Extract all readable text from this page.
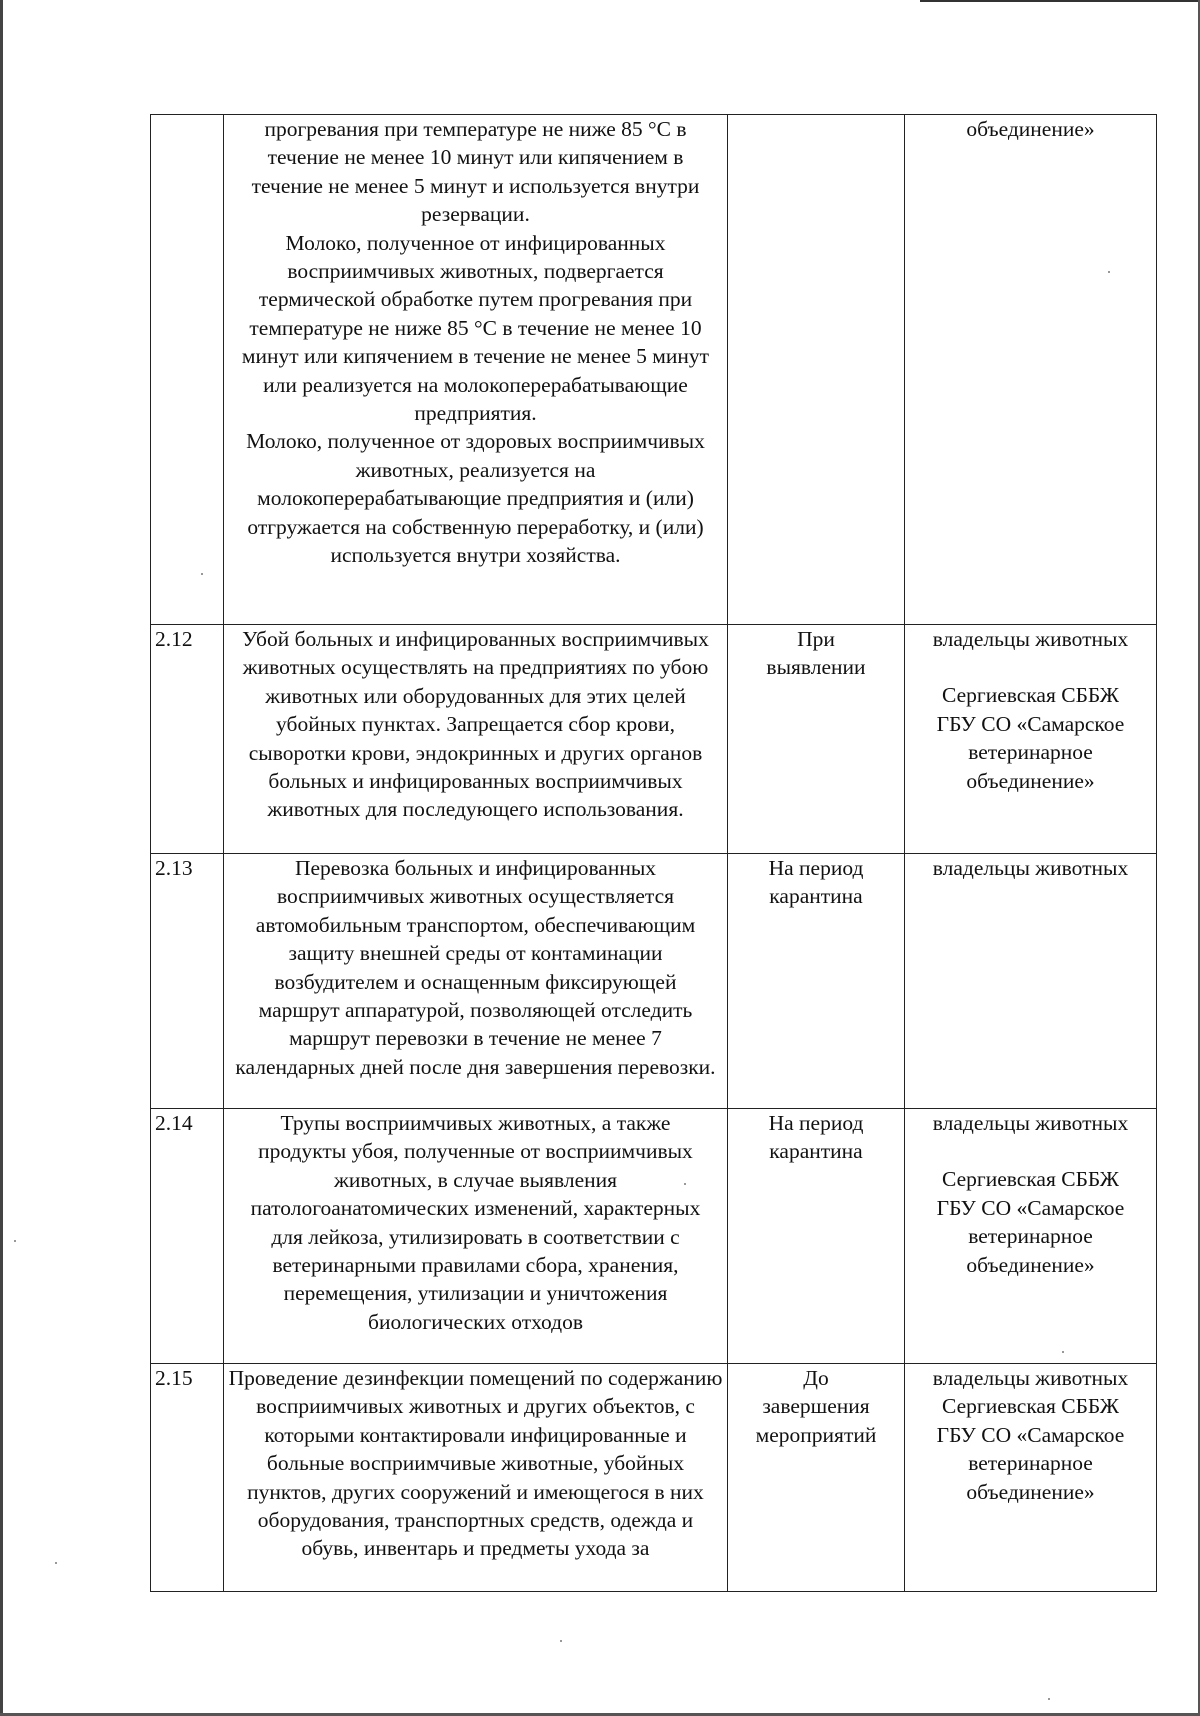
	прогревания при температуре не ниже 85 °С в течение не менее 10 минут или кипячением в течение не менее 5 минут и используется внутри резервации.
Молоко, полученное от инфицированных восприимчивых животных, подвергается термической обработке путем прогревания при температуре не ниже 85 °С в течение не менее 10 минут или кипячением в течение не менее 5 минут или реализуется на молокоперерабатывающие предприятия.
Молоко, полученное от здоровых восприимчивых животных, реализуется на молокоперерабатывающие предприятия и (или) отгружается на собственную переработку, и (или) используется внутри хозяйства.		объединение»

2.12	Убой больных и инфицированных восприимчивых животных осуществлять на предприятиях по убою животных или оборудованных для этих целей убойных пунктах. Запрещается сбор крови, сыворотки крови, эндокринных и других органов больных и инфицированных восприимчивых животных для последующего использования.	При выявлении	владельцы животных
Сергиевская СББЖ ГБУ СО «Самарское ветеринарное объединение»

2.13	Перевозка больных и инфицированных восприимчивых животных осуществляется автомобильным транспортом, обеспечивающим защиту внешней среды от контаминации возбудителем и оснащенным фиксирующей маршрут аппаратурой, позволяющей отследить маршрут перевозки в течение не менее 7 календарных дней после дня завершения перевозки.	На период карантина	владельцы животных

2.14	Трупы восприимчивых животных, а также продукты убоя, полученные от восприимчивых животных, в случае выявления патологоанатомических изменений, характерных для лейкоза, утилизировать в соответствии с ветеринарными правилами сбора, хранения, перемещения, утилизации и уничтожения биологических отходов	На период карантина	владельцы животных
Сергиевская СББЖ ГБУ СО «Самарское ветеринарное объединение»

2.15	Проведение дезинфекции помещений по содержанию восприимчивых животных и других объектов, с которыми контактировали инфицированные и больные восприимчивые животные, убойных пунктов, других сооружений и имеющегося в них оборудования, транспортных средств, одежда и обувь, инвентарь и предметы ухода за	До завершения мероприятий	владельцы животных
Сергиевская СББЖ ГБУ СО «Самарское ветеринарное объединение»
